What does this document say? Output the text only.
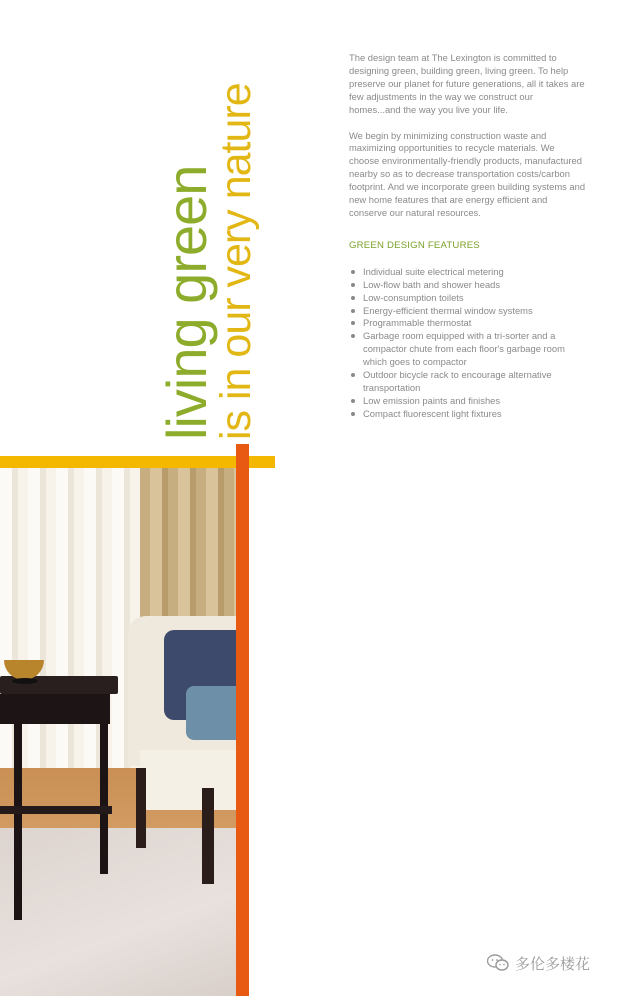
living green
is in our very nature

The design team at The Lexington is committed to designing green, building green, living green. To help preserve our planet for future generations, all it takes are few adjustments in the way we construct our homes...and the way you live your life.

We begin by minimizing construction waste and maximizing opportunities to recycle materials. We choose environmentally-friendly products, manufactured nearby so as to decrease transportation costs/carbon footprint. And we incorporate green building systems and new home features that are energy efficient and conserve our natural resources.

GREEN DESIGN FEATURES
Individual suite electrical metering
Low-flow bath and shower heads
Low-consumption toilets
Energy-efficient thermal window systems
Programmable thermostat
Garbage room equipped with a tri-sorter and a compactor chute from each floor's garbage room which goes to compactor
Outdoor bicycle rack to encourage alternative transportation
Low emission paints and finishes
Compact fluorescent light fixtures
多伦多楼花
